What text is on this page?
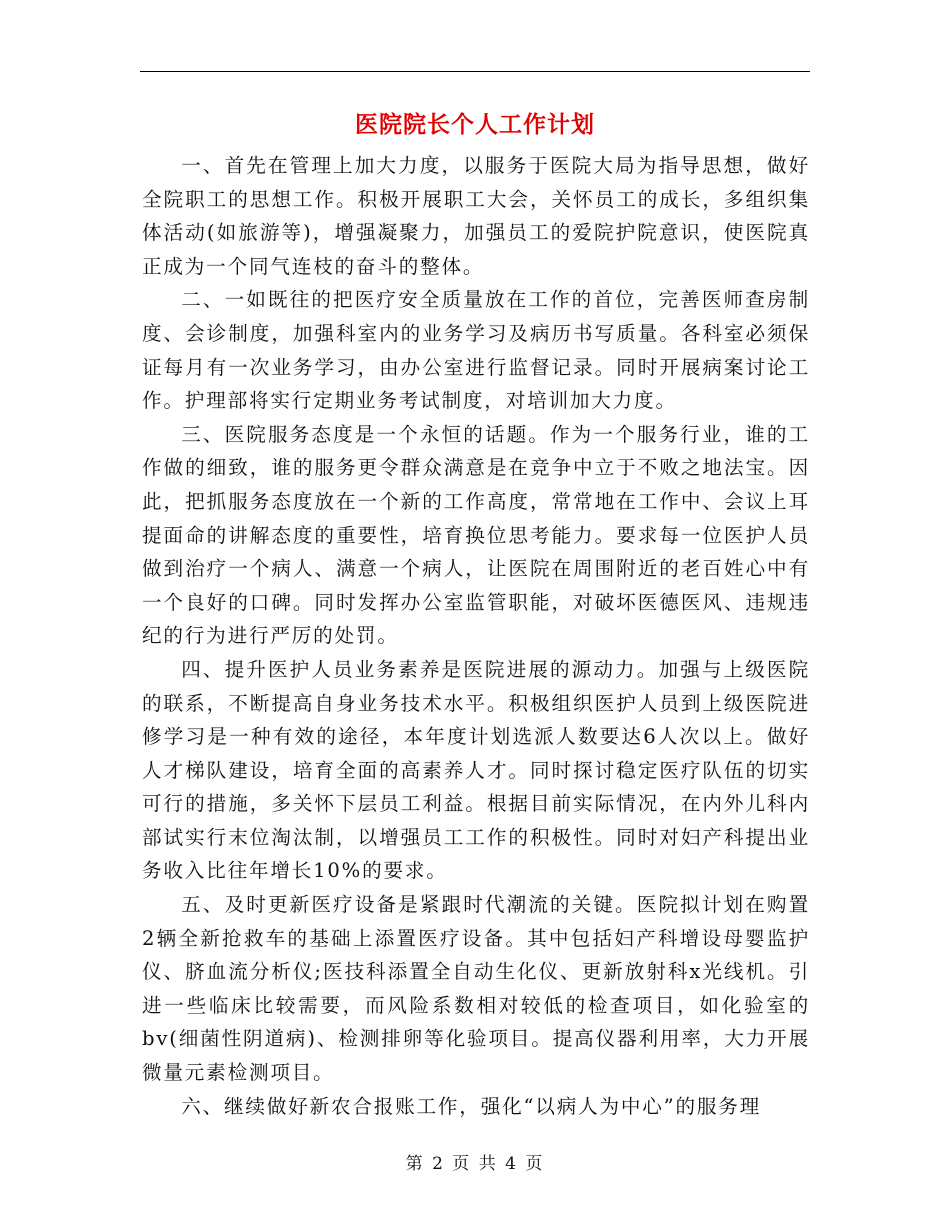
医院院长个人工作计划

一、首先在管理上加大力度，以服务于医院大局为指导思想，做好全院职工的思想工作。积极开展职工大会，关怀员工的成长，多组织集体活动(如旅游等)，增强凝聚力，加强员工的爱院护院意识，使医院真正成为一个同气连枝的奋斗的整体。

二、一如既往的把医疗安全质量放在工作的首位，完善医师查房制度、会诊制度，加强科室内的业务学习及病历书写质量。各科室必须保证每月有一次业务学习，由办公室进行监督记录。同时开展病案讨论工作。护理部将实行定期业务考试制度，对培训加大力度。

三、医院服务态度是一个永恒的话题。作为一个服务行业，谁的工作做的细致，谁的服务更令群众满意是在竞争中立于不败之地法宝。因此，把抓服务态度放在一个新的工作高度，常常地在工作中、会议上耳提面命的讲解态度的重要性，培育换位思考能力。要求每一位医护人员做到治疗一个病人、满意一个病人，让医院在周围附近的老百姓心中有一个良好的口碑。同时发挥办公室监管职能，对破坏医德医风、违规违纪的行为进行严厉的处罚。

四、提升医护人员业务素养是医院进展的源动力。加强与上级医院的联系，不断提高自身业务技术水平。积极组织医护人员到上级医院进修学习是一种有效的途径，本年度计划选派人数要达6人次以上。做好人才梯队建设，培育全面的高素养人才。同时探讨稳定医疗队伍的切实可行的措施，多关怀下层员工利益。根据目前实际情况，在内外儿科内部试实行末位淘汰制，以增强员工工作的积极性。同时对妇产科提出业务收入比往年增长10%的要求。

五、及时更新医疗设备是紧跟时代潮流的关键。医院拟计划在购置2辆全新抢救车的基础上添置医疗设备。其中包括妇产科增设母婴监护仪、脐血流分析仪;医技科添置全自动生化仪、更新放射科x光线机。引进一些临床比较需要，而风险系数相对较低的检查项目，如化验室的bv(细菌性阴道病)、检测排卵等化验项目。提高仪器利用率，大力开展微量元素检测项目。

六、继续做好新农合报账工作，强化“以病人为中心”的服务理

第 2 页 共 4 页
